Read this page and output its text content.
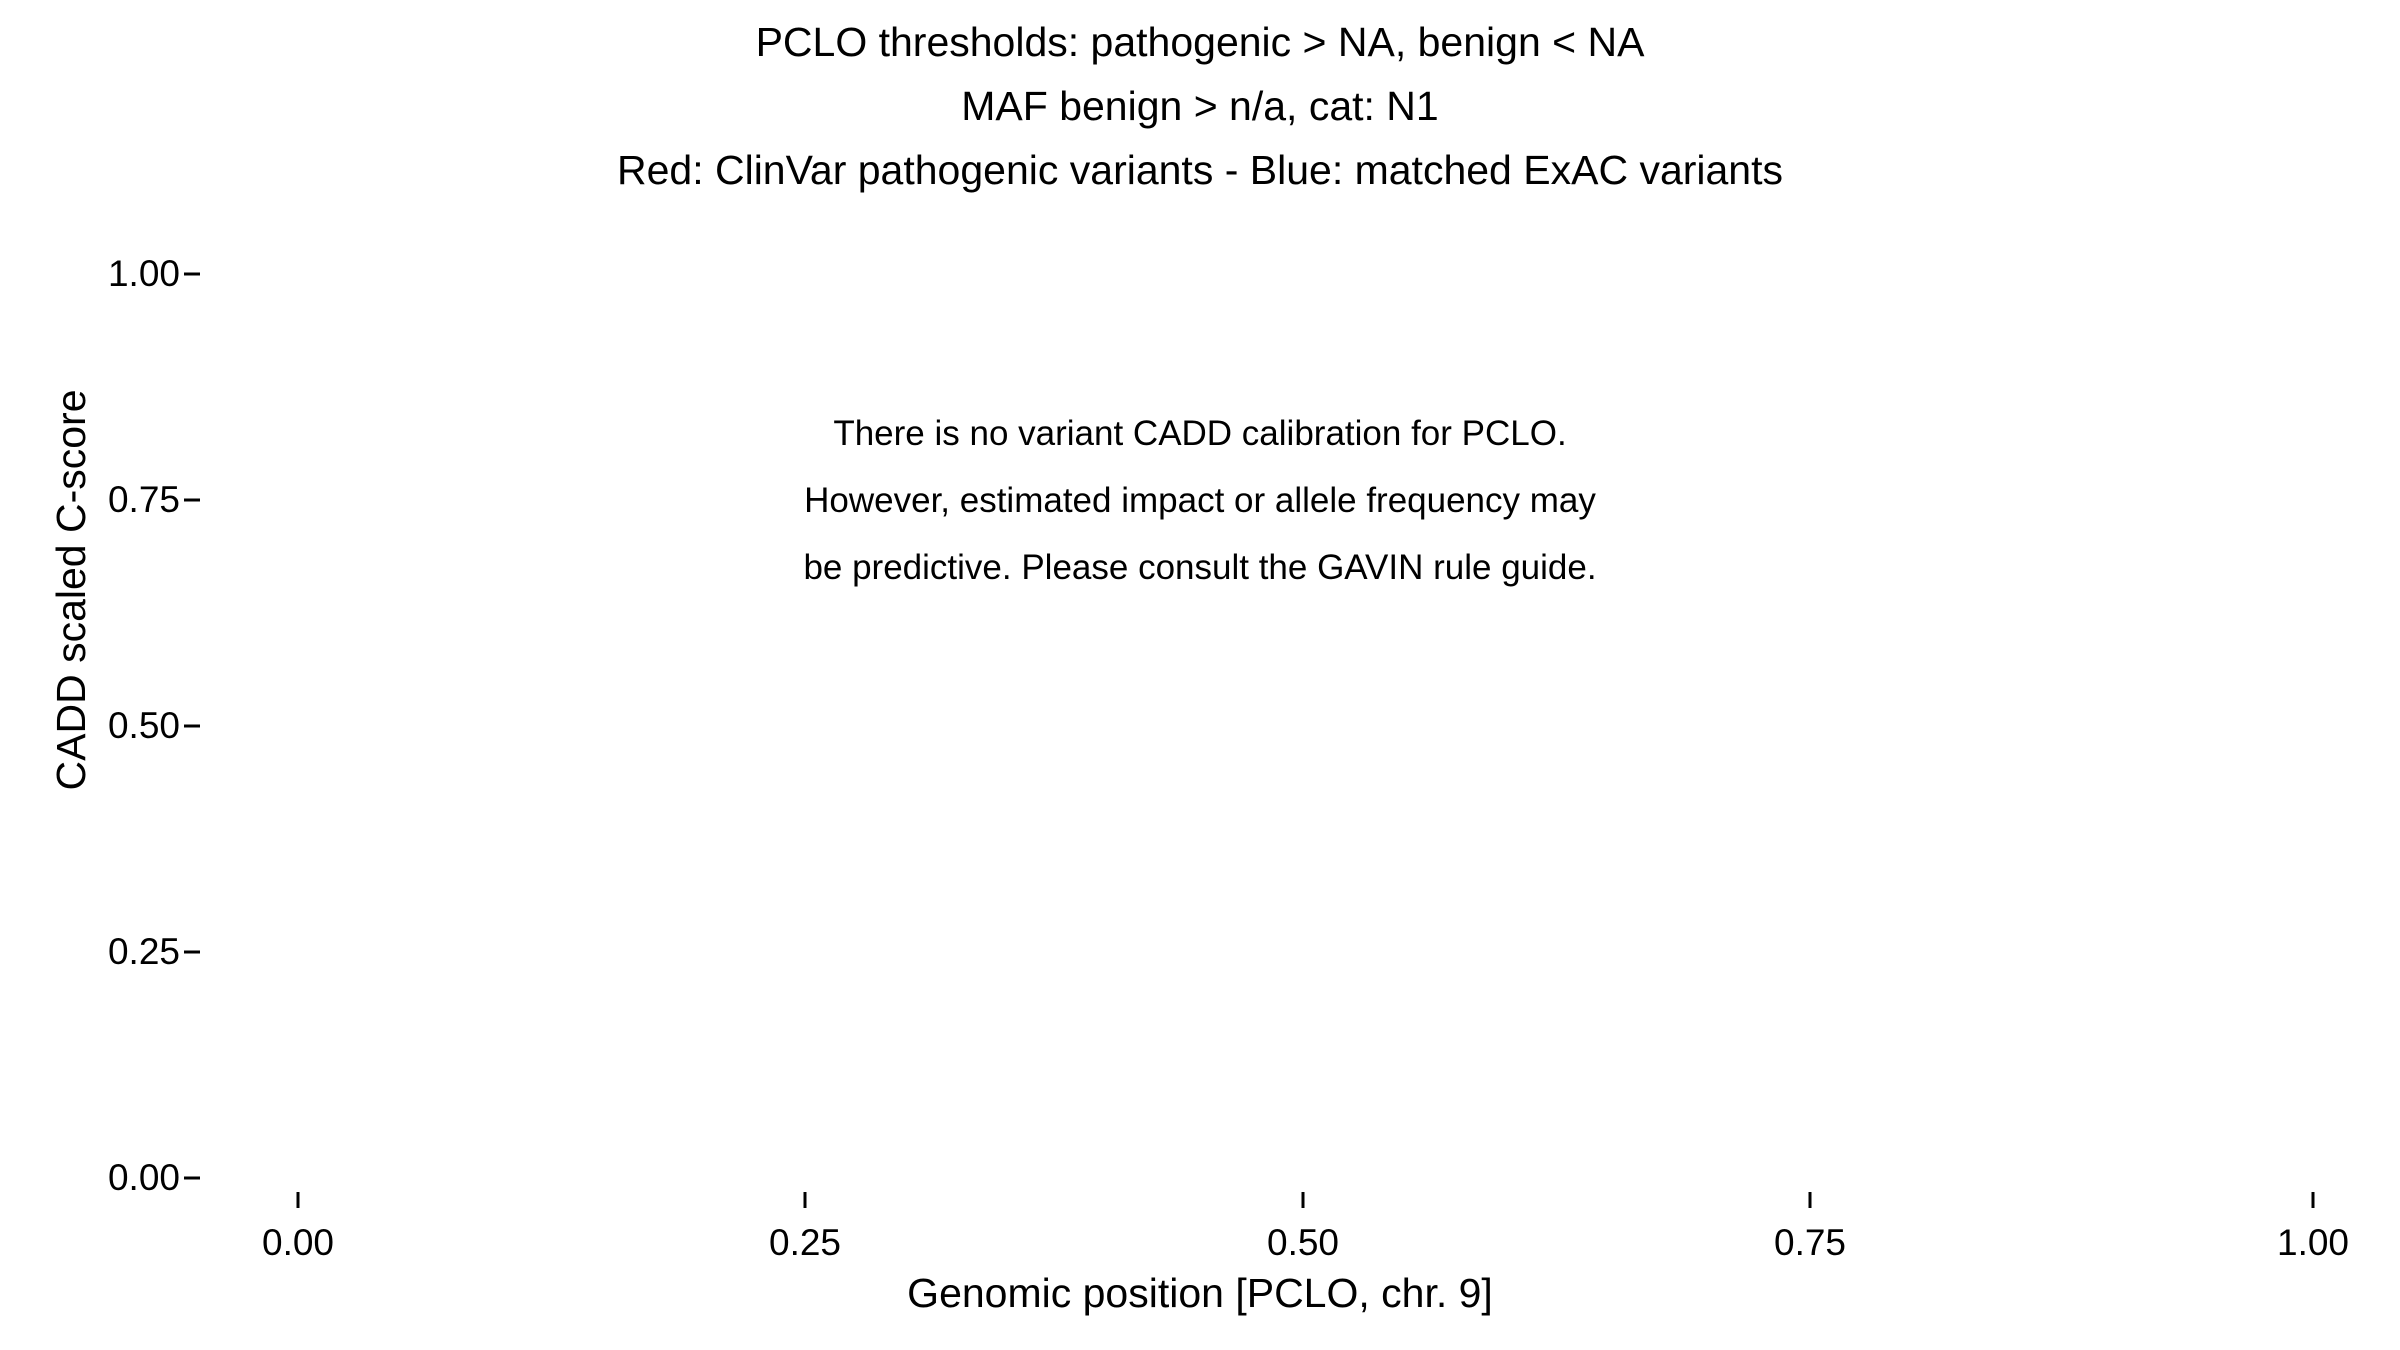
PCLO thresholds: pathogenic > NA, benign < NA
MAF benign > n/a, cat: N1
Red: ClinVar pathogenic variants - Blue: matched ExAC variants
CADD scaled C-score
1.00
0.75
0.50
0.25
0.00
0.00	0.25	0.50	0.75	1.00
Genomic position [PCLO, chr. 9]
There is no variant CADD calibration for PCLO.
However, estimated impact or allele frequency may
be predictive. Please consult the GAVIN rule guide.
